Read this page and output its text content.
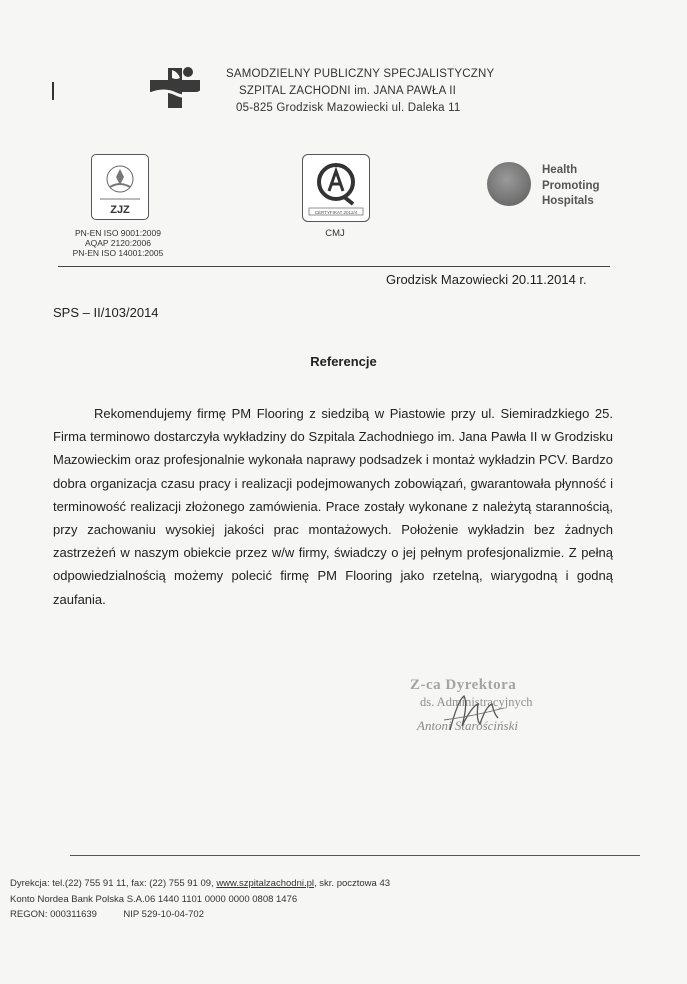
SAMODZIELNY PUBLICZNY SPECJALISTYCZNY
SZPITAL ZACHODNI im. JANA PAWŁA II
05-825 Grodzisk Mazowiecki ul. Daleka 11
ZJZ
PN-EN ISO 9001:2009
AQAP 2120:2006
PN-EN ISO 14001:2005
CERTYFIKAT 2012/4
CMJ
Health
Promoting
Hospitals
Grodzisk Mazowiecki 20.11.2014 r.
SPS – II/103/2014
Referencje

Rekomendujemy firmę PM Flooring z siedzibą w Piastowie przy ul. Siemiradzkiego 25. Firma terminowo dostarczyła wykładziny do Szpitala Zachodniego im. Jana Pawła II w Grodzisku Mazowieckim oraz profesjonalnie wykonała naprawy podsadzek i montaż wykładzin PCV. Bardzo dobra organizacja czasu pracy i realizacji podejmowanych zobowiązań, gwarantowała płynność i terminowość realizacji złożonego zamówienia. Prace zostały wykonane z należytą starannością, przy zachowaniu wysokiej jakości prac montażowych. Położenie wykładzin bez żadnych zastrzeżeń w naszym obiekcie przez w/w firmy, świadczy o jej pełnym profesjonalizmie. Z pełną odpowiedzialnością możemy polecić firmę PM Flooring jako rzetelną, wiarygodną i godną zaufania.

Z-ca Dyrektora
ds. Administracyjnych
Antoni Starościński
Dyrekcja: tel.(22) 755 91 11, fax: (22) 755 91 09, www.szpitalzachodni.pl, skr. pocztowa 43
Konto Nordea Bank Polska S.A.06 1440 1101 0000 0000 0808 1476
REGON: 000311639          NIP 529-10-04-702
